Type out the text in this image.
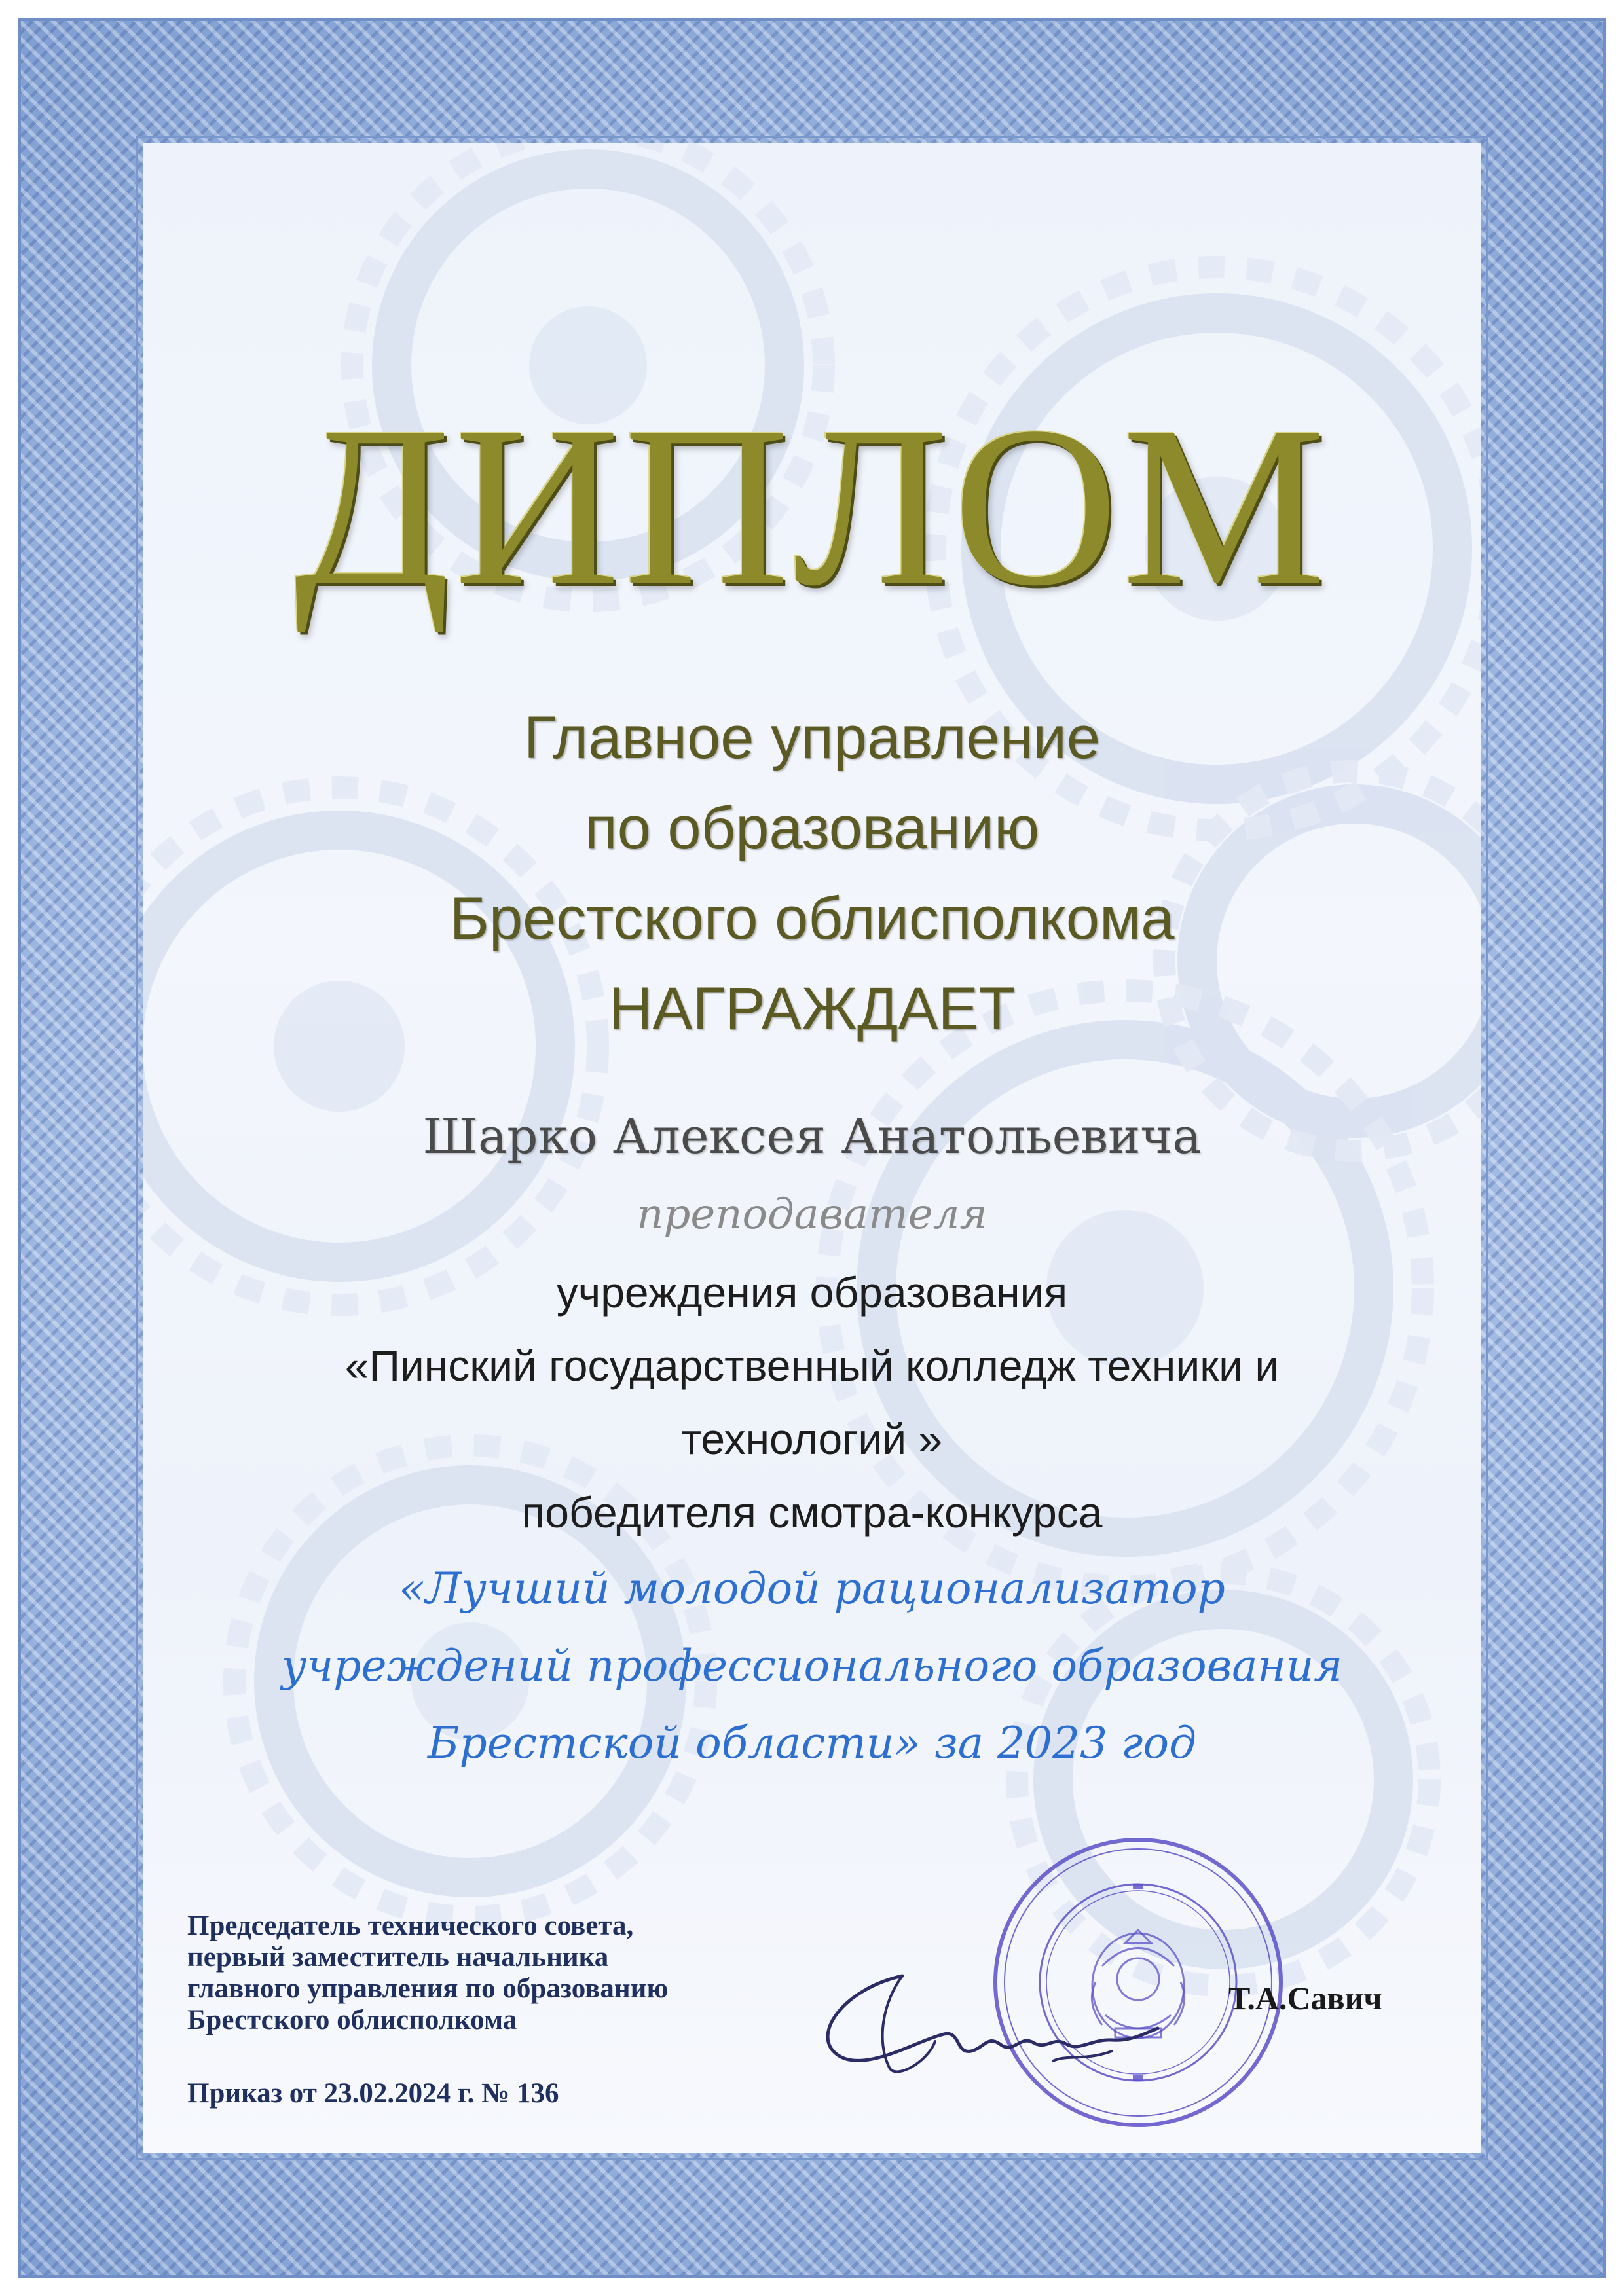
ДИПЛОМ
Главное управление
по образованию
Брестского облисполкома
НАГРАЖДАЕТ
Шарко Алексея Анатольевича
преподавателя
учреждения образования
«Пинский государственный колледж техники и
технологий »
победителя смотра-конкурса
«Лучший молодой рационализатор
учреждений профессионального образования
Брестской области» за 2023 год
Председатель технического совета,
первый заместитель начальника
главного управления по образованию
Брестского облисполкома
Приказ от 23.02.2024 г. № 136
Т.А.Савич
